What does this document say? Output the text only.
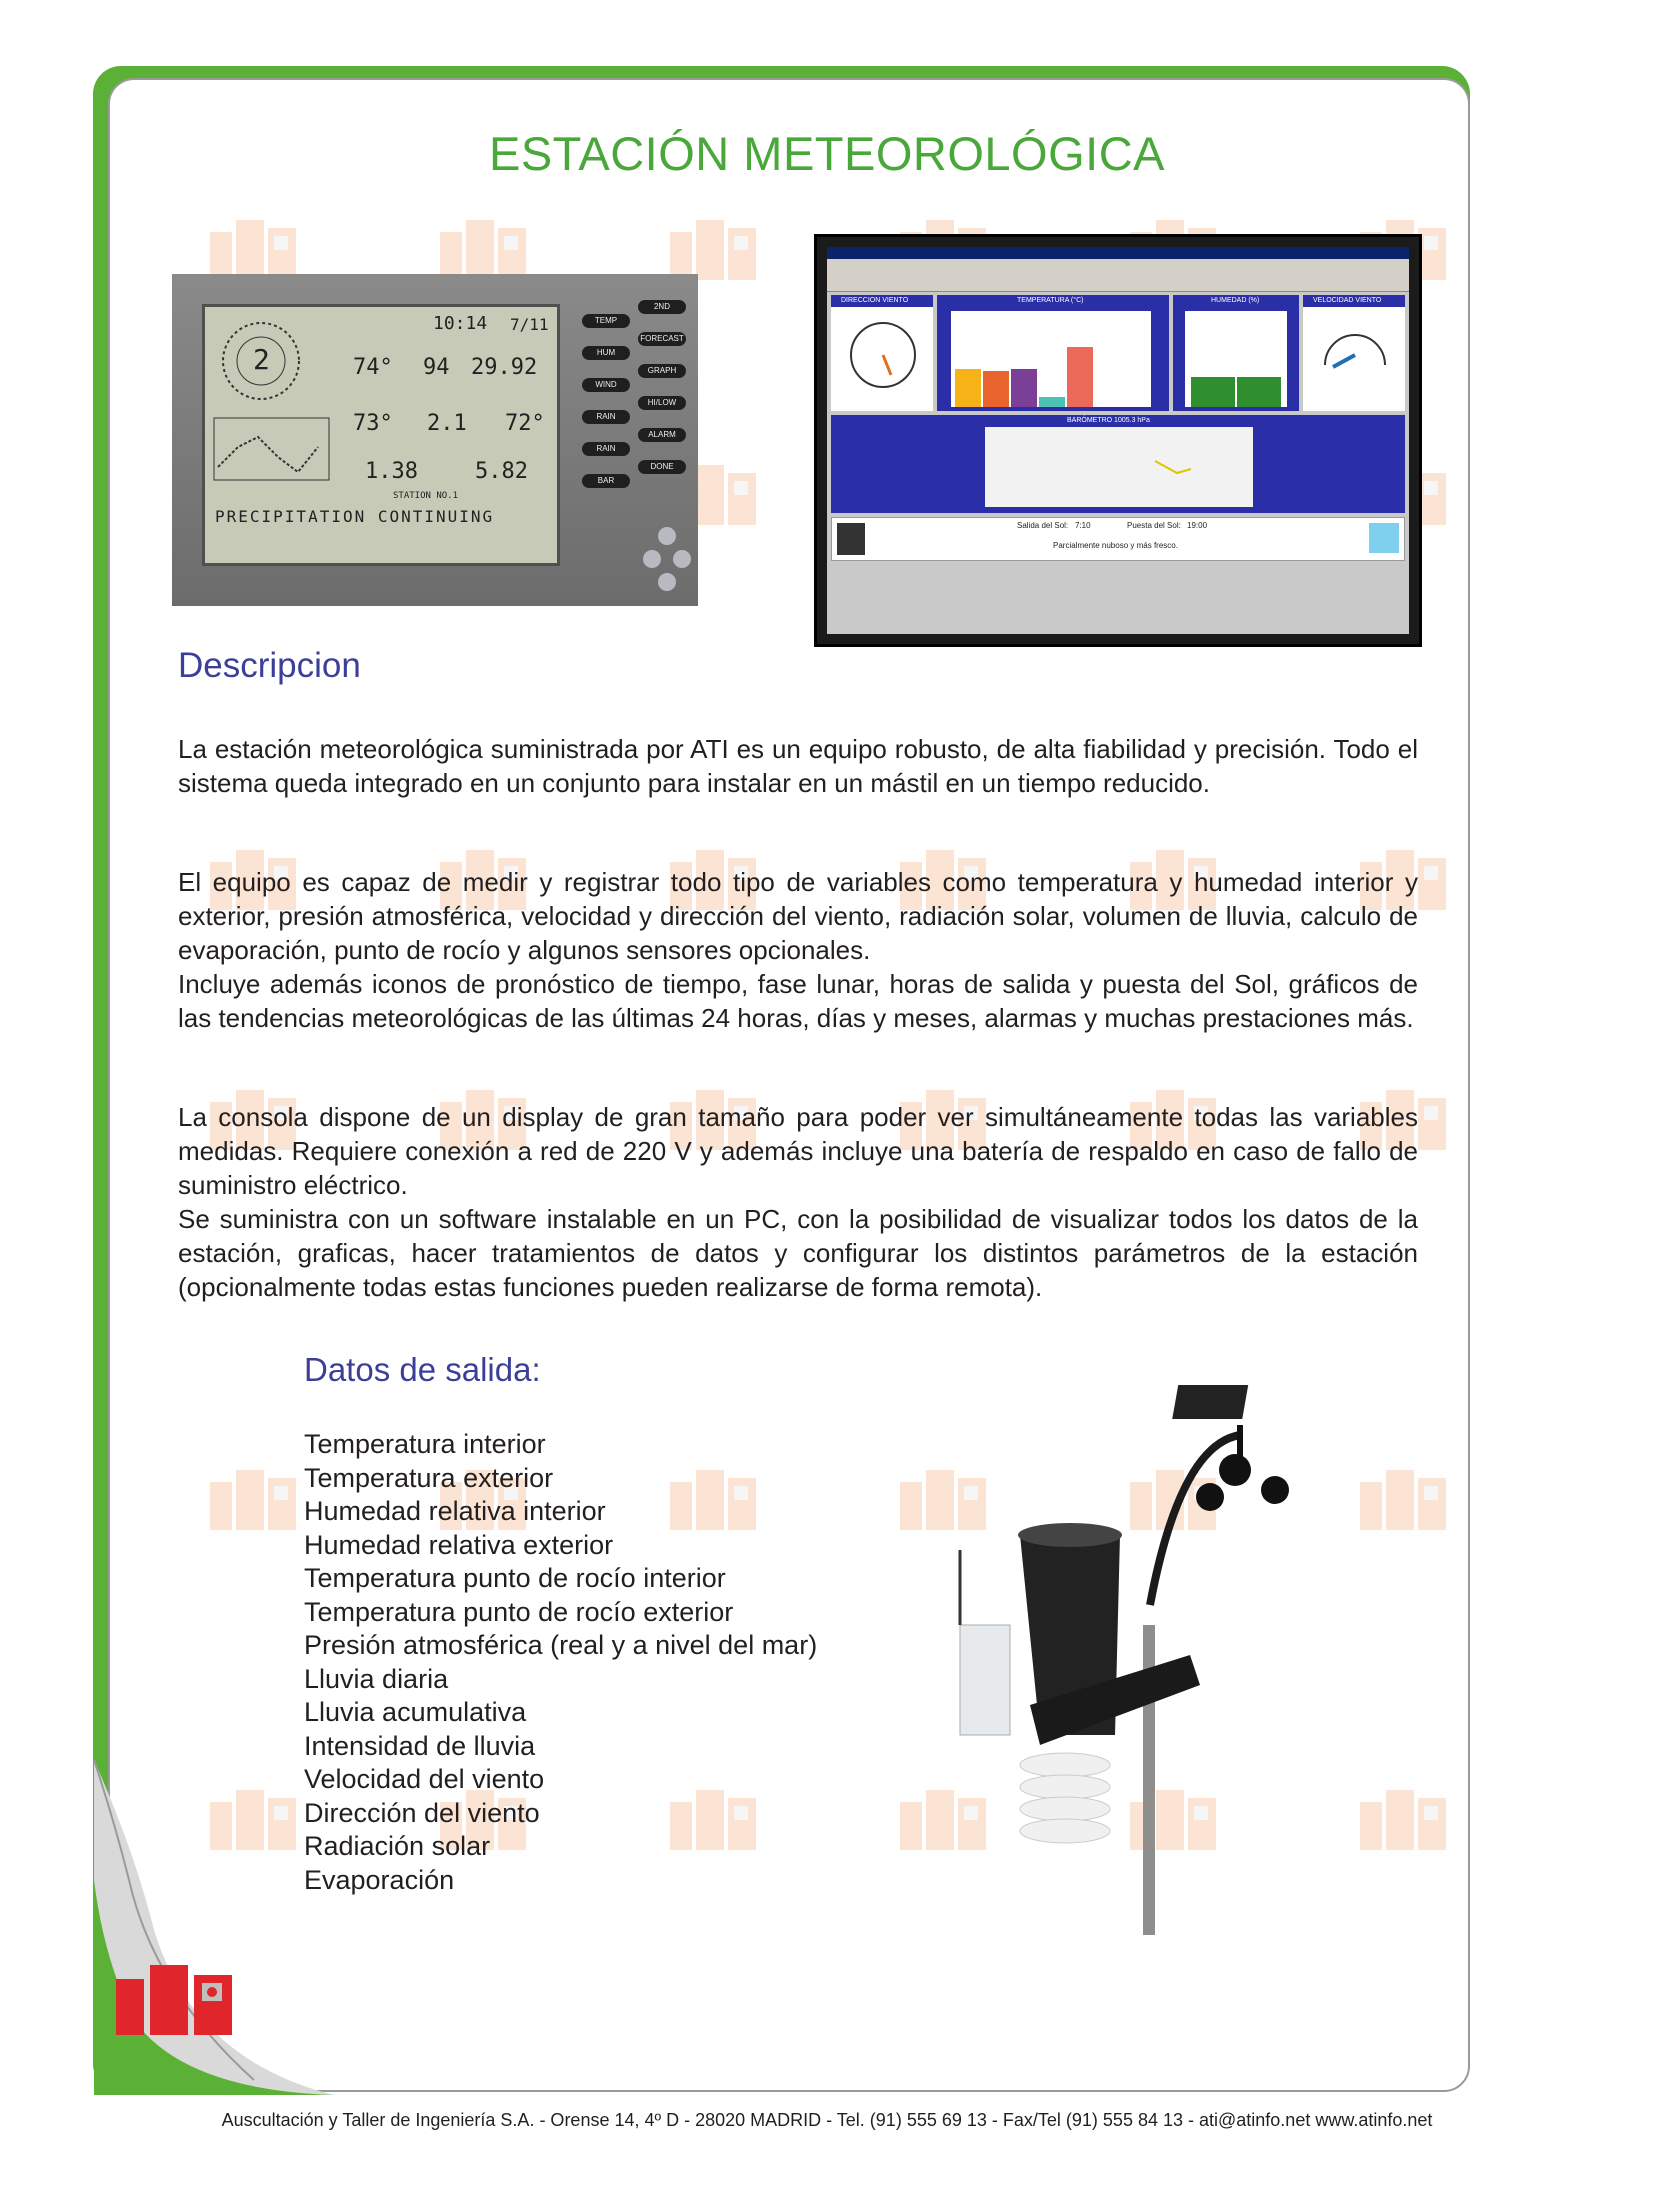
ESTACIÓN METEOROLÓGICA
2
10:14 7/11
74° 94 29.92
73° 2.1 72°
1.38	5.82
STATION NO.1
PRECIPITATION CONTINUING
TEMP
HUM
WIND
RAIN
RAIN
BAR
2ND
FORECAST
GRAPH
HI/LOW
ALARM
DONE
DIRECCION VIENTO	TEMPERATURA (°C)	HUMEDAD (%)	VELOCIDAD VIENTO
BARÓMETRO 1005.3 hPa
Salida del Sol: 7:10	Puesta del Sol: 19:00
Parcialmente nuboso y más fresco.
Descripcion

La estación meteorológica suministrada por ATI es un equipo robusto, de alta fiabilidad y precisión. Todo el sistema queda integrado en un conjunto para instalar en un mástil en un tiempo reducido.

El equipo es capaz de medir y registrar todo tipo de variables como temperatura y humedad interior y exterior, presión atmosférica, velocidad y dirección del viento, radiación solar, volumen de lluvia, calculo de evaporación, punto de rocío y algunos sensores opcionales.

Incluye además iconos de pronóstico de tiempo, fase lunar, horas de salida y puesta del Sol, gráficos de las tendencias meteorológicas de las últimas 24 horas, días y meses, alarmas y muchas prestaciones más.

La consola dispone de un display de gran tamaño para poder ver simultáneamente todas las variables medidas. Requiere conexión a red de 220 V y además incluye una batería de respaldo en caso de fallo de suministro eléctrico.

Se suministra con un software instalable en un PC, con la posibilidad de visualizar todos los datos de la estación, graficas, hacer tratamientos de datos y configurar los distintos parámetros de la estación (opcionalmente todas estas funciones pueden realizarse de forma remota).

Datos de salida:
Temperatura interior
Temperatura exterior
Humedad relativa interior
Humedad relativa exterior
Temperatura punto de rocío interior
Temperatura punto de rocío exterior
Presión atmosférica (real y a nivel del mar)
Lluvia diaria
Lluvia acumulativa
Intensidad de lluvia
Velocidad del viento
Dirección del viento
Radiación solar
Evaporación
Auscultación y Taller de Ingeniería S.A. - Orense 14, 4º D - 28020 MADRID - Tel. (91) 555 69 13 - Fax/Tel (91) 555 84 13 - ati@atinfo.net www.atinfo.net
